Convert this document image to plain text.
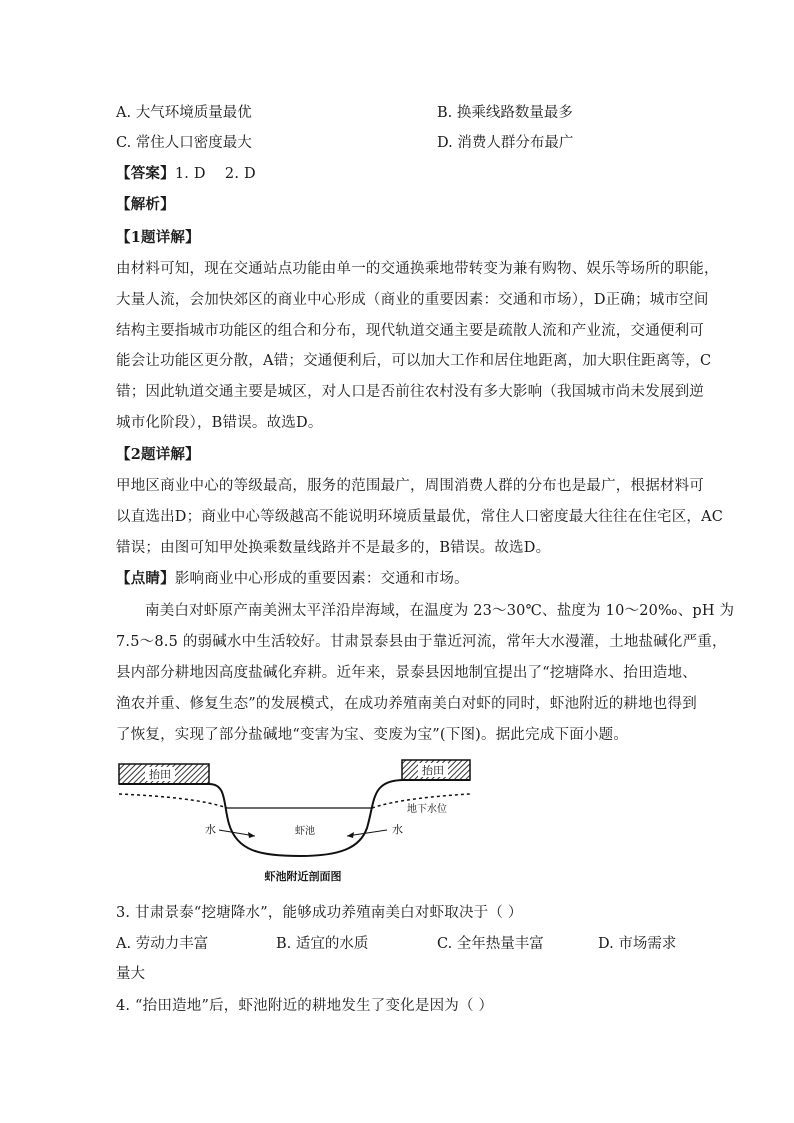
A. 大气环境质量最优	B. 换乘线路数量最多
C. 常住人口密度最大	D. 消费人群分布最广
【答案】1. D    2. D
【解析】
【1题详解】
由材料可知，现在交通站点功能由单一的交通换乘地带转变为兼有购物、娱乐等场所的职能，
大量人流，会加快郊区的商业中心形成（商业的重要因素：交通和市场），D正确；城市空间
结构主要指城市功能区的组合和分布，现代轨道交通主要是疏散人流和产业流，交通便利可
能会让功能区更分散，A错；交通便利后，可以加大工作和居住地距离，加大职住距离等，C
错；因此轨道交通主要是城区，对人口是否前往农村没有多大影响（我国城市尚未发展到逆
城市化阶段），B错误。故选D。
【2题详解】
甲地区商业中心的等级最高，服务的范围最广，周围消费人群的分布也是最广，根据材料可
以直选出D；商业中心等级越高不能说明环境质量最优，常住人口密度最大往往在住宅区，AC
错误；由图可知甲处换乘数量线路并不是最多的，B错误。故选D。
【点睛】影响商业中心形成的重要因素：交通和市场。
南美白对虾原产南美洲太平洋沿岸海域，在温度为 23～30℃、盐度为 10～20‰、pH 为
7.5～8.5 的弱碱水中生活较好。甘肃景泰县由于靠近河流，常年大水漫灌，土地盐碱化严重，
县内部分耕地因高度盐碱化弃耕。近年来，景泰县因地制宜提出了“挖塘降水、抬田造地、
渔农并重、修复生态”的发展模式，在成功养殖南美白对虾的同时，虾池附近的耕地也得到
了恢复，实现了部分盐碱地“变害为宝、变废为宝”(下图)。据此完成下面小题。
抬田	抬田
地下水位
水	虾池	水
虾池附近剖面图
3. 甘肃景泰“挖塘降水”，能够成功养殖南美白对虾取决于（ ）
A. 劳动力丰富	B. 适宜的水质	C. 全年热量丰富	D. 市场需求
量大
4. “抬田造地”后，虾池附近的耕地发生了变化是因为（ ）
